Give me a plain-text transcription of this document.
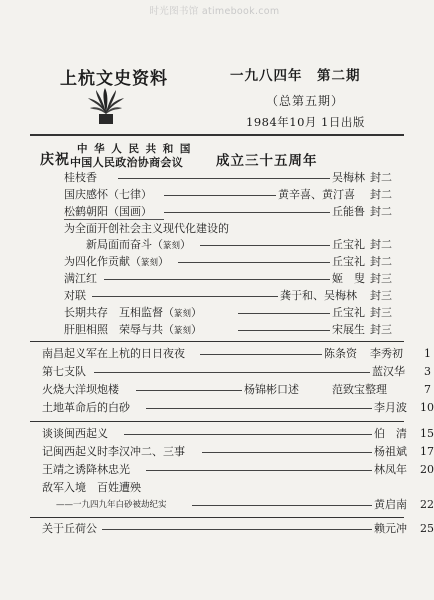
时光图书馆 atimebook.com
上杭文史资料	一九八四年　第二期
（总第五期）
1984年10月 1日出版
庆祝
中 华 人 民 共 和 国
中国人民政治协商会议 成立三十五周年
桂枝香	吴梅林 封二
国庆感怀（七律）	黄辛喜、黄汀喜 封二
松鹤朝阳（国画）	丘能鲁 封二
为全面开创社会主义现代化建设的
新局面而奋斗（篆刻）	丘宝礼 封二
为四化作贡献（篆刻）	丘宝礼 封二
满江红	姬　叟 封三
对联	龚于和、吴梅林 封三
长期共存　互相监督（篆刻）	丘宝礼 封三
肝胆相照　荣辱与共（篆刻）	宋展生 封三
南昌起义军在上杭的日日夜夜	陈条资 李秀初 1
第七支队	蓝汉华 3
火烧大洋坝炮楼	杨锦彬口述	范致宝整理	7
土地革命后的白砂	李月波 10
谈谈闽西起义	伯　清 15
记闽西起义时李汉冲二、三事	杨祖斌 17
王靖之诱降林忠光	林凤年 20
敌军入境　百姓遭殃
——一九四九年白砂被劫纪实	黄启南 22
关于丘荷公	赖元冲 25
